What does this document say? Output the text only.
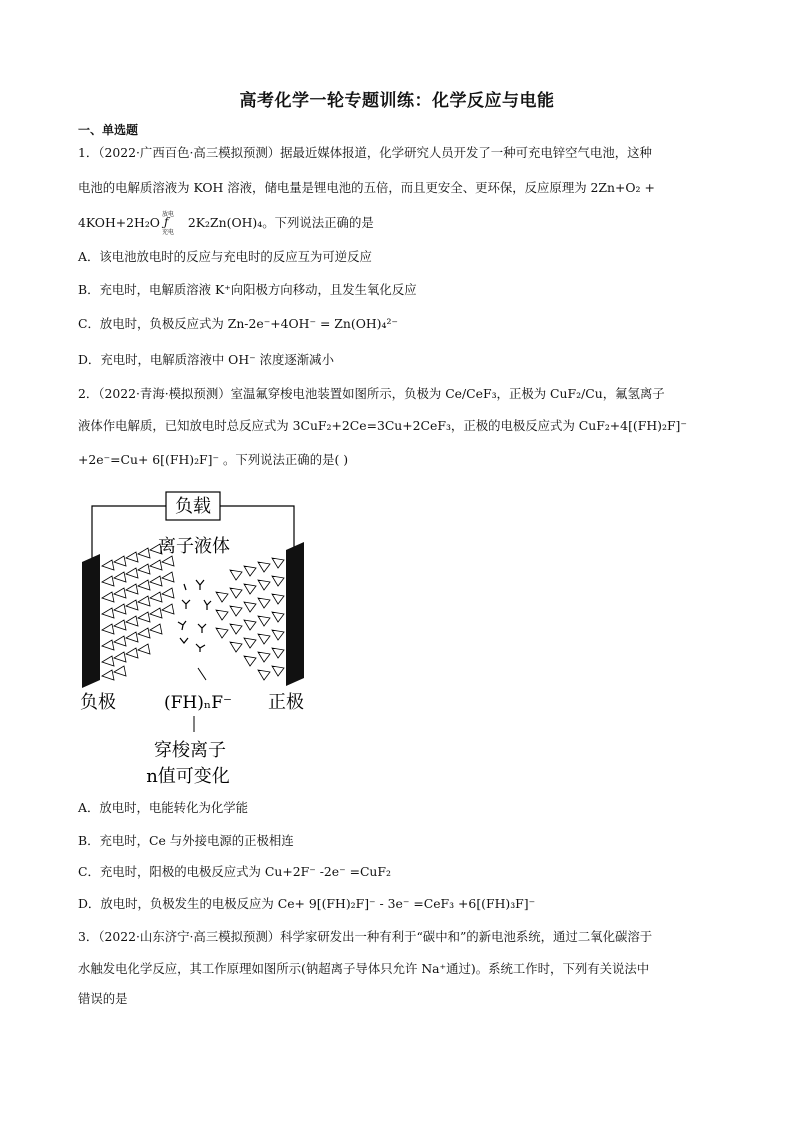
高考化学一轮专题训练：化学反应与电能
一、单选题
1．（2022·广西百色·高三模拟预测）据最近媒体报道，化学研究人员开发了一种可充电锌空气电池，这种
电池的电解质溶液为 KOH 溶液，储电量是锂电池的五倍，而且更安全、更环保，反应原理为 2Zn+O₂ +
4KOH+2H₂O
放电
ƒ
充电
2K₂Zn(OH)₄。下列说法正确的是
A．该电池放电时的反应与充电时的反应互为可逆反应
B．充电时，电解质溶液 K⁺向阳极方向移动，且发生氧化反应
C．放电时，负极反应式为 Zn-2e⁻+4OH⁻ = Zn(OH)₄²⁻
D．充电时，电解质溶液中 OH⁻ 浓度逐渐减小
2．（2022·青海·模拟预测）室温氟穿梭电池装置如图所示，负极为 Ce/CeF₃，正极为 CuF₂/Cu，氟氢离子
液体作电解质，已知放电时总反应式为 3CuF₂+2Ce=3Cu+2CeF₃，正极的电极反应式为 CuF₂+4[(FH)₂F]⁻
+2e⁻=Cu+ 6[(FH)₂F]⁻ 。下列说法正确的是( )
负载
离子液体
负极	(FH)ₙF⁻ 正极
穿梭离子
n值可变化
A．放电时，电能转化为化学能
B．充电时，Ce 与外接电源的正极相连
C．充电时，阳极的电极反应式为 Cu+2F⁻ -2e⁻ =CuF₂
D．放电时，负极发生的电极反应为 Ce+ 9[(FH)₂F]⁻ - 3e⁻ =CeF₃ +6[(FH)₃F]⁻
3．（2022·山东济宁·高三模拟预测）科学家研发出一种有利于“碳中和”的新电池系统，通过二氧化碳溶于
水触发电化学反应，其工作原理如图所示(钠超离子导体只允许 Na⁺通过)。系统工作时，下列有关说法中
错误的是
